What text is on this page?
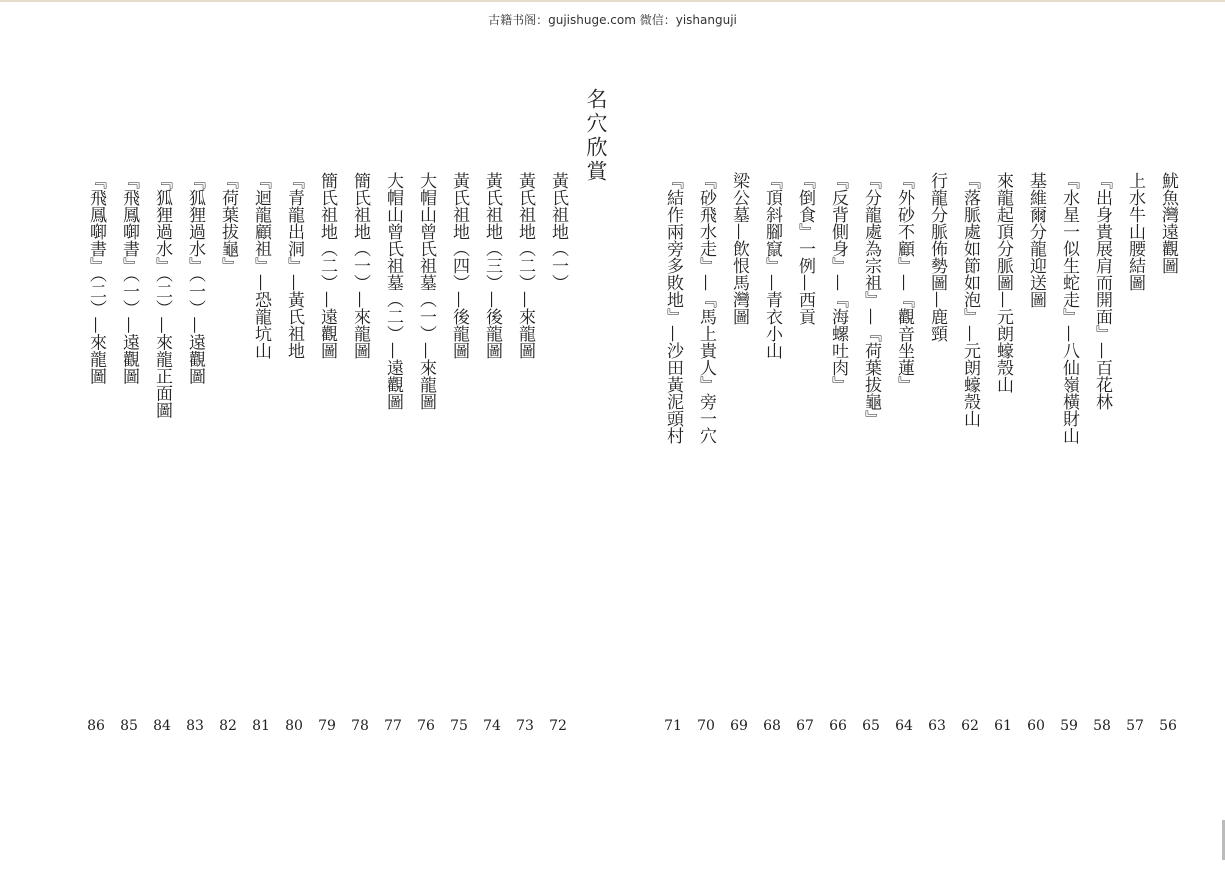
古籍书阁：gujishuge.com 微信：yishanguji
名穴欣賞
魷魚灣遠觀圖
上水牛山腰結圖
『出身貴展肩而開面』—百花林
『水星一似生蛇走』—八仙嶺橫財山
基維爾分龍迎送圖
來龍起頂分脈圖—元朗蠔殼山
『落脈處如節如泡』—元朗蠔殼山
行龍分脈佈勢圖—鹿頸
『外砂不顧』—『觀音坐蓮』
『分龍處為宗祖』—『荷葉拔龜』
『反背側身』—『海螺吐肉』
『倒食』一例—西貢
『頂斜腳竄』—青衣小山
梁公墓—飲恨馬灣圖
『砂飛水走』—『馬上貴人』旁一穴
『結作兩旁多敗地』—沙田黃泥頭村
黃氏祖地（一）
黃氏祖地（二）—來龍圖
黃氏祖地（三）—後龍圖
黃氏祖地（四）—後龍圖
大帽山曾氏祖墓（一）—來龍圖
大帽山曾氏祖墓（二）—遠觀圖
簡氏祖地（一）—來龍圖
簡氏祖地（二）—遠觀圖
『青龍出洞』—黃氏祖地
『迴龍顧祖』—恐龍坑山
『荷葉拔龜』
『狐狸過水』（一）—遠觀圖
『狐狸過水』（二）—來龍正面圖
『飛鳳啣書』（一）—遠觀圖
『飛鳳啣書』（二）—來龍圖
56
57
58
59
60
61
62
63
64
65
66
67
68
69
70
71
72
73
74
75
76
77
78
79
80
81
82
83
84
85
86
